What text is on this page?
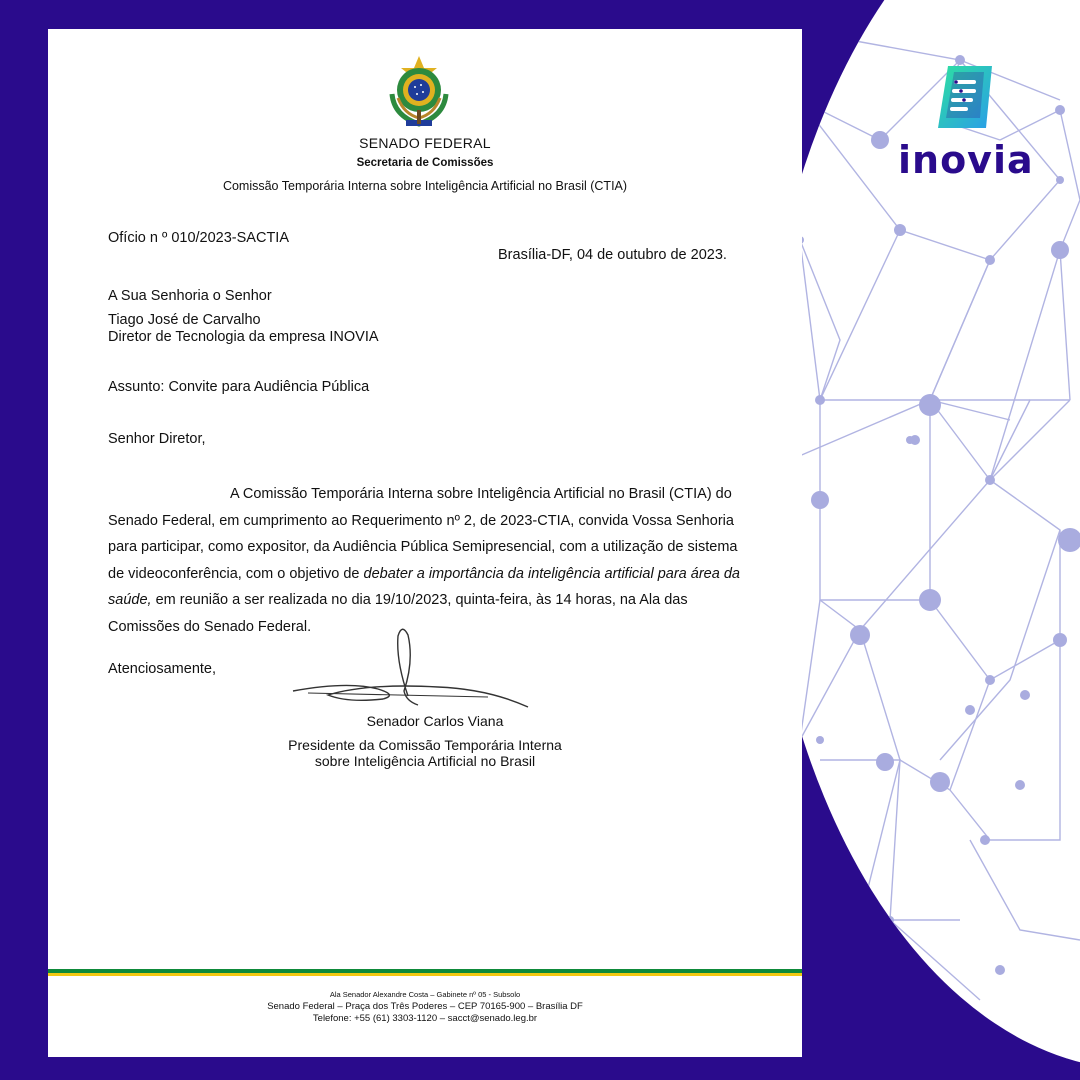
inovia
SENADO FEDERAL
Secretaria de Comissões
Comissão Temporária Interna sobre Inteligência Artificial no Brasil (CTIA)
Ofício n º 010/2023-SACTIA
Brasília-DF, 04 de outubro de 2023.
A Sua Senhoria o Senhor
Tiago José de Carvalho
Diretor de Tecnologia da empresa INOVIA
Assunto: Convite para Audiência Pública
Senhor Diretor,

A Comissão Temporária Interna sobre Inteligência Artificial no Brasil (CTIA) do Senado Federal, em cumprimento ao Requerimento nº 2, de 2023-CTIA, convida Vossa Senhoria para participar, como expositor, da Audiência Pública Semipresencial, com a utilização de sistema de videoconferência, com o objetivo de debater a importância da inteligência artificial para área da saúde, em reunião a ser realizada no dia 19/10/2023, quinta-feira, às 14 horas, na Ala das Comissões do Senado Federal.

Atenciosamente,
Senador Carlos Viana
Presidente da Comissão Temporária Interna
sobre Inteligência Artificial no Brasil
Ala Senador Alexandre Costa – Gabinete nº 05 - Subsolo
Senado Federal – Praça dos Três Poderes – CEP 70165-900 – Brasília DF
Telefone: +55 (61) 3303-1120 – sacct@senado.leg.br
